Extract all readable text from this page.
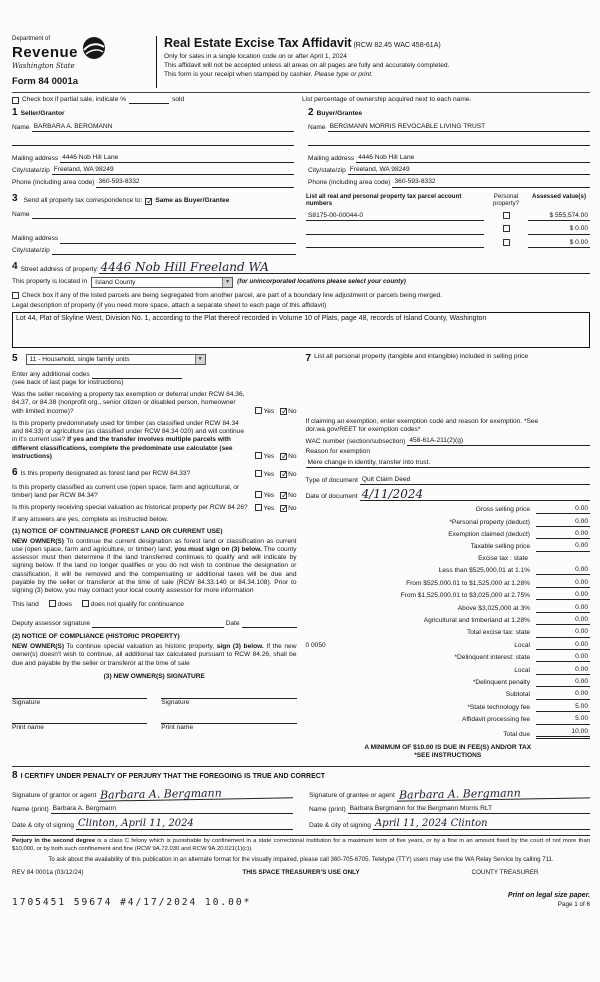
Department of
Revenue
Washington State
Form 84 0001a
Real Estate Excise Tax Affidavit (RCW 82.45 WAC 458-61A)
Only for sales in a single location code on or after April 1, 2024
This affidavit will not be accepted unless all areas on all pages are fully and accurately completed.
This form is your receipt when stamped by cashier. Please type or print.
Check box if partial sale, indicate %	sold	List percentage of ownership acquired next to each name.
1 Seller/Grantor
Name BARBARA A. BERGMANN
Mailing address 4446 Nob Hill Lane
City/state/zip Freeland, WA 98249
Phone (including area code) 360-593-8332
2 Buyer/Grantee
Name BERGMANN MORRIS REVOCABLE LIVING TRUST
Mailing address 4446 Nob Hill Lane
City/state/zip Freeland, WA 98249
Phone (including area code) 360-593-8332
3 Send all property tax correspondence to: ✓ Same as Buyer/Grantee
Name
Mailing address
City/state/zip
List all real and personal property tax parcel account numbers
Personal property?
Assessed value(s)
S8175-00-00044-0	$ 555,574.00
$ 0.00
$ 0.00
4 Street address of property: 4446 Nob Hill Freeland WA
This property is located in	Island County	▼	(for unincorporated locations please select your county)
Check box if any of the listed parcels are being segregated from another parcel, are part of a boundary line adjustment or parcels being merged.
Legal description of property (if you need more space, attach a separate sheet to each page of this affidavit)
Lot 44, Plat of Skyline West, Division No. 1, according to the Plat thereof recorded in Volume 10 of Plats, page 48, records of Island County, Washington
5	11 - Household, single family units	▼
Enter any additional codes
(see back of last page for instructions)
Was the seller receiving a property tax exemption or deferral under RCW 84.36, 84.37, or 84.38 (nonprofit org., senior citizen or disabled person, homeowner with limited income)?	Yes ✓No
Is this property predominately used for timber (as classified under RCW 84.34 and 84.33) or agriculture (as classified under RCW 84.34 020) and will continue in it's current use? If yes and the transfer involves multiple parcels with different classifications, complete the predominate use calculator (see instructions)	Yes ✓No
6 Is this property designated as forest land per RCW 84.33?	Yes ✓No
Is this property classified as current use (open space, farm and agricultural, or timber) land per RCW 84.34?	Yes ✓No
Is this property receiving special valuation as historical property per RCW 84.26?	Yes ✓No
If any answers are yes, complete as instructed below.
(1) NOTICE OF CONTINUANCE (FOREST LAND OR CURRENT USE)
NEW OWNER(S) To continue the current designation as forest land or classification as current use (open space, farm and agriculture, or timber) land, you must sign on (3) below. The county assessor must then determine if the land transferred continues to qualify and will indicate by signing below. If the land no longer qualifies or you do not wish to continue the designation or classification, it will be removed and the compensating or additional taxes will be due and payable by the seller or transferor at the time of sale (RCW 84.33.140 or 84.34.108). Prior to signing (3) below, you may contact your local county assessor for more information
This land	does	does not qualify for continuance
Deputy assessor signature	Date
(2) NOTICE OF COMPLIANCE (HISTORIC PROPERTY)
NEW OWNER(S) To continue special valuation as historic property, sign (3) below. If the new owner(s) doesn't wish to continue, all additional tax calculated pursuant to RCW 84.26, shall be due and payable by the seller or transferor at the time of sale
(3) NEW OWNER(S) SIGNATURE
Signature	Signature
Print name	Print name
7 List all personal property (tangible and intangible) included in selling price
If claiming an exemption, enter exemption code and reason for exemption. *See dor.wa.gov/REET for exemption codes*
WAC number (section/subsection) 458-61A-211(2)(g)
Reason for exemption
Mere change in identity, transfer into trust.
Type of document Quit Claim Deed
Date of document 4/11/2024
Gross selling price	0.00
*Personal property (deduct)	0.00
Exemption claimed (deduct)	0.00
Taxable selling price	0.00
Excise tax : state
Less than $525,000.01 at 1.1%	0.00
From $525,000.01 to $1,525,000 at 1.28%	0.00
From $1,525,000.01 to $3,025,000 at 2.75%	0.00
Above $3,025,000 at 3%	0.00
Agricultural and timberland at 1.28%	0.00
Total excise tax: state	0.00
0 0050	Local	0.00
*Delinquent interest: state	0.00
Local	0.00
*Delinquent penalty	0.00
Subtotal	0.00
*State technology fee	5.00
Affidavit processing fee	5.00
Total due	10.00
A MINIMUM OF $10.00 IS DUE IN FEE(S) AND/OR TAX
*SEE INSTRUCTIONS
8 I CERTIFY UNDER PENALTY OF PERJURY THAT THE FOREGOING IS TRUE AND CORRECT
Signature of grantor or agent Barbara A. Bergmann
Name (print) Barbara A. Bergmann
Date & city of signing Clinton, April 11, 2024
Signature of grantee or agent Barbara A. Bergmann
Name (print) Barbara Bergmann for the Bergmann Morris RLT
Date & city of signing April 11, 2024 Clinton
Perjury in the second degree is a class C felony which is punishable by confinement in a state correctional institution for a maximum term of five years, or by a fine in an amount fixed by the court of not more than $10,000, or by both such confinement and fine (RCW 9A.72.030 and RCW 9A.20.021(1)(c)).
To ask about the availability of this publication in an alternate format for the visually impaired, please call 360-705-6705. Teletype (TTY) users may use the WA Relay Service by calling 711.
REV 84 0001a (03/12/24)	THIS SPACE TREASURER'S USE ONLY	COUNTY TREASURER
1705451 59674 #4/17/2024 10.00*
Print on legal size paper.
Page 1 of 6
